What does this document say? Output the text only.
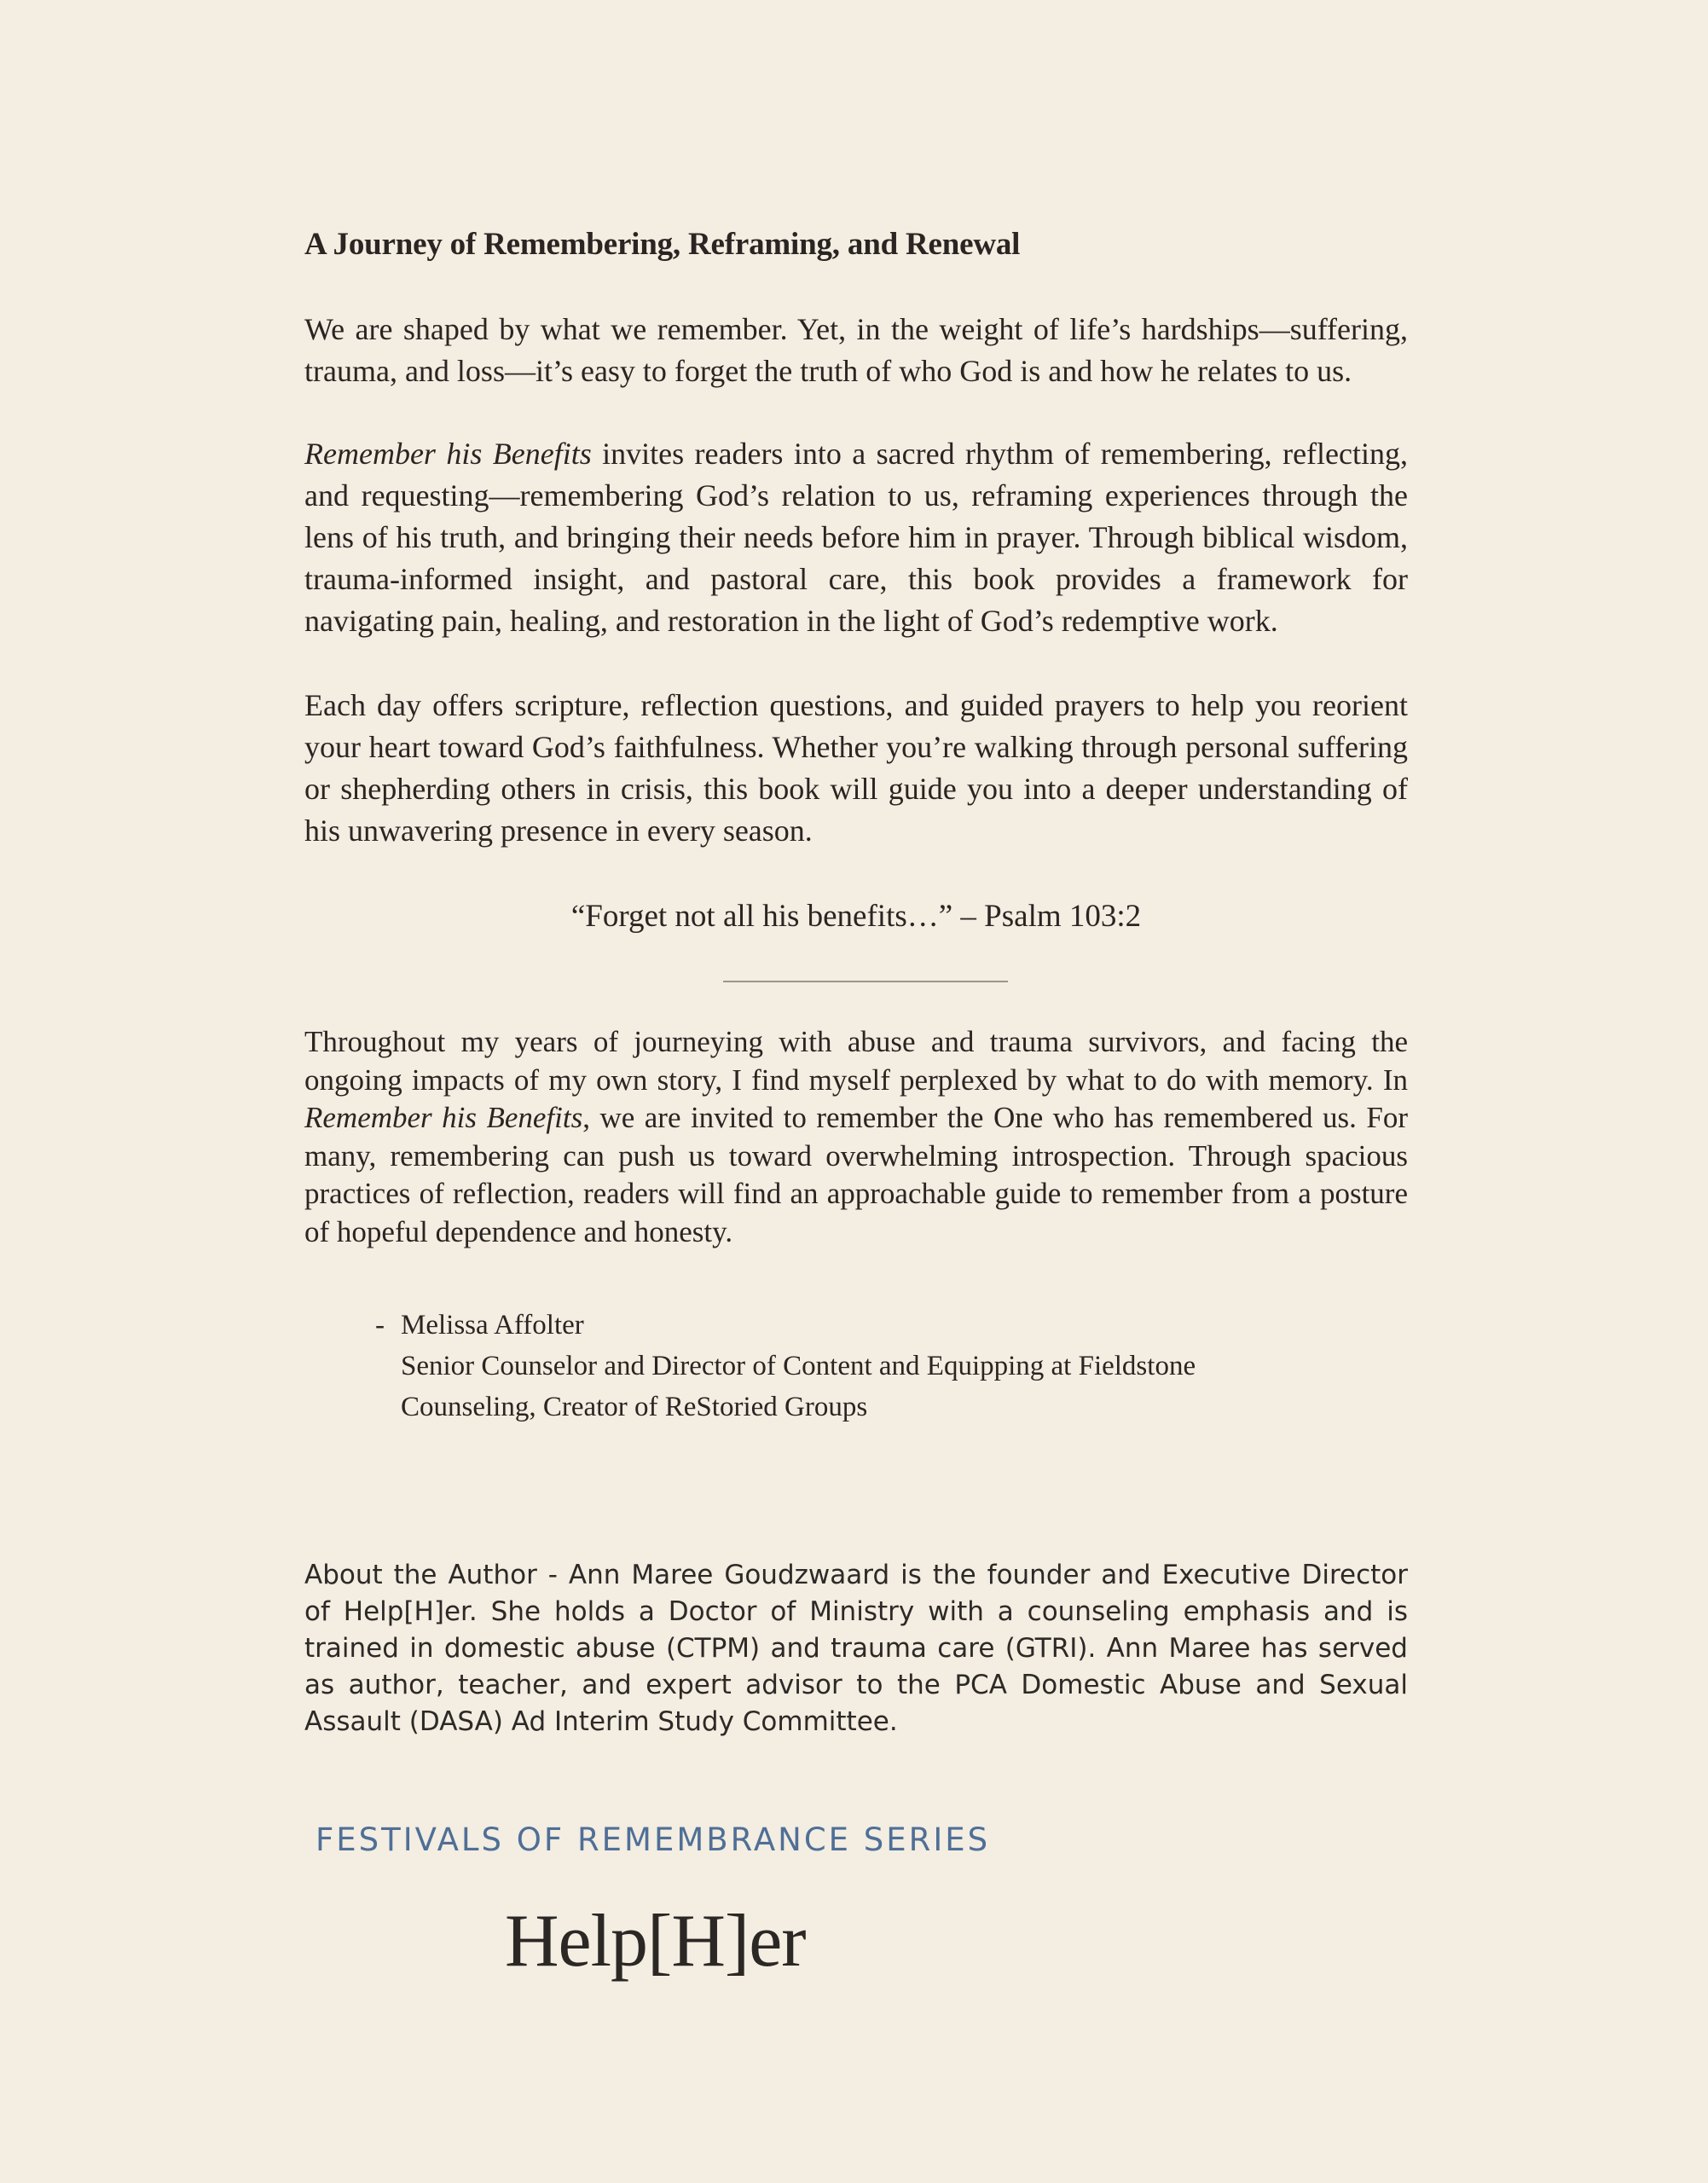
A Journey of Remembering, Reframing, and Renewal

We are shaped by what we remember. Yet, in the weight of life’s hardships—suffering, trauma, and loss—it’s easy to forget the truth of who God is and how he relates to us.

Remember his Benefits invites readers into a sacred rhythm of remembering, reflecting, and requesting—remembering God’s relation to us, reframing experiences through the lens of his truth, and bringing their needs before him in prayer. Through biblical wisdom, trauma-informed insight, and pastoral care, this book provides a framework for navigating pain, healing, and restoration in the light of God’s redemptive work.

Each day offers scripture, reflection questions, and guided prayers to help you reorient your heart toward God’s faithfulness. Whether you’re walking through personal suffering or shepherding others in crisis, this book will guide you into a deeper understanding of his unwavering presence in every season.

“Forget not all his benefits…” – Psalm 103:2

Throughout my years of journeying with abuse and trauma survivors, and facing the ongoing impacts of my own story, I find myself perplexed by what to do with memory. In Remember his Benefits, we are invited to remember the One who has remembered us. For many, remembering can push us toward overwhelming introspection. Through spacious practices of reflection, readers will find an approachable guide to remember from a posture of hopeful dependence and honesty.

- Melissa Affolter
Senior Counselor and Director of Content and Equipping at Fieldstone
Counseling, Creator of ReStoried Groups

About the Author - Ann Maree Goudzwaard is the founder and Executive Director of Help[H]er. She holds a Doctor of Ministry with a counseling emphasis and is trained in domestic abuse (CTPM) and trauma care (GTRI). Ann Maree has served as author, teacher, and expert advisor to the PCA Domestic Abuse and Sexual Assault (DASA) Ad Interim Study Committee.

FESTIVALS OF REMEMBRANCE SERIES
Help[H]er
